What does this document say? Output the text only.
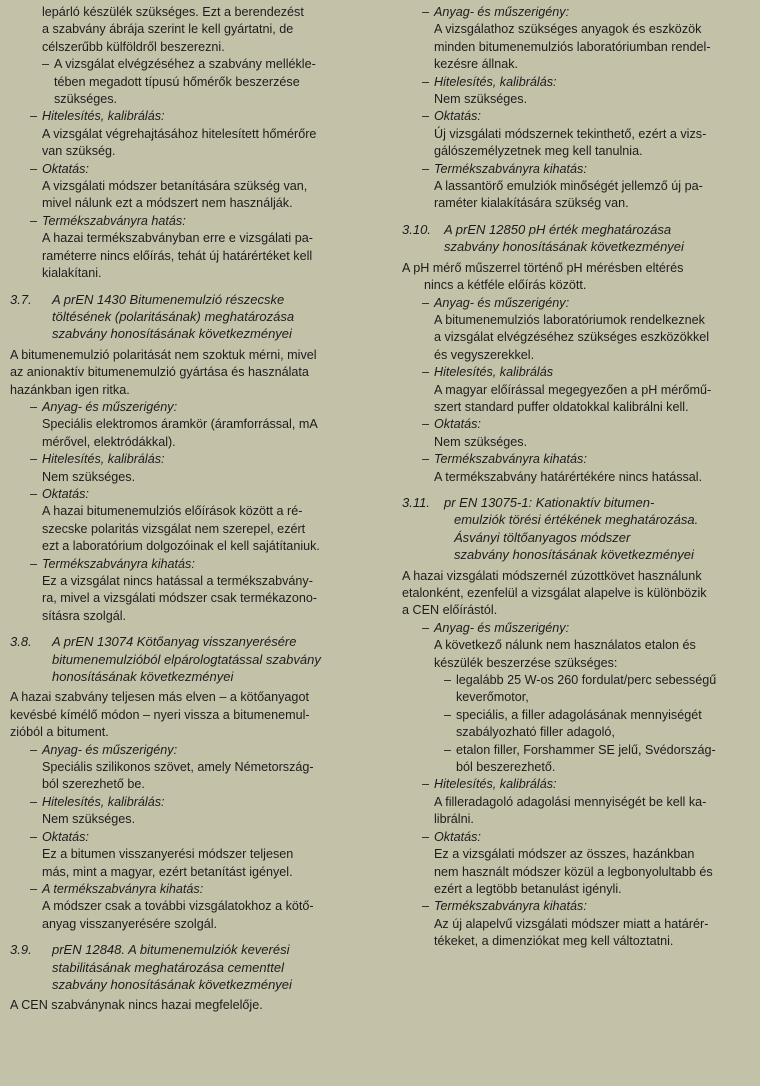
lepárló készülék szükséges. Ezt a berendezést
a szabvány ábrája szerint le kell gyártatni, de
célszerűbb külföldről beszerezni.
– A vizsgálat elvégzéséhez a szabvány mellékle-
tében megadott típusú hőmérők beszerzése
szükséges.

– Hitelesítés, kalibrálás:

A vizsgálat végrehajtásához hitelesített hőmérőre
van szükség.

– Oktatás:

A vizsgálati módszer betanítására szükség van,
mivel nálunk ezt a módszert nem használják.

– Termékszabványra hatás:

A hazai termékszabványban erre e vizsgálati pa-
raméterre nincs előírás, tehát új határértéket kell
kialakítani.
3.7. A prEN 1430 Bitumenemulzió részecske
töltésének (polaritásának) meghatározása
szabvány honosításának következményei
A bitumenemulzió polaritását nem szoktuk mérni, mivel
az anionaktív bitumenemulzió gyártása és használata
hazánkban igen ritka.

– Anyag- és műszerigény:

Speciális elektromos áramkör (áramforrással, mA
mérővel, elektródákkal).

– Hitelesítés, kalibrálás:

Nem szükséges.

– Oktatás:

A hazai bitumenemulziós előírások között a ré-
szecske polaritás vizsgálat nem szerepel, ezért
ezt a laboratórium dolgozóinak el kell sajátítaniuk.

– Termékszabványra kihatás:

Ez a vizsgálat nincs hatással a termékszabvány-
ra, mivel a vizsgálati módszer csak termékazono-
sításra szolgál.
3.8. A prEN 13074 Kötőanyag visszanyerésére
bitumenemulzióból elpárologtatással szabvány
honosításának következményei
A hazai szabvány teljesen más elven – a kötőanyagot
kevésbé kímélő módon – nyeri vissza a bitumenemul-
zióból a bitument.

– Anyag- és műszerigény:

Speciális szilikonos szövet, amely Németország-
ból szerezhető be.

– Hitelesítés, kalibrálás:

Nem szükséges.

– Oktatás:

Ez a bitumen visszanyerési módszer teljesen
más, mint a magyar, ezért betanítást igényel.

– A termékszabványra kihatás:

A módszer csak a további vizsgálatokhoz a kötő-
anyag visszanyerésére szolgál.
3.9. prEN 12848. A bitumenemulziók keverési
stabilitásának meghatározása cementtel
szabvány honosításának következményei
A CEN szabványnak nincs hazai megfelelője.

– Anyag- és műszerigény:

A vizsgálathoz szükséges anyagok és eszközök
minden bitumenemulziós laboratóriumban rendel-
kezésre állnak.

– Hitelesítés, kalibrálás:

Nem szükséges.

– Oktatás:

Új vizsgálati módszernek tekinthető, ezért a vizs-
gálószemélyzetnek meg kell tanulnia.

– Termékszabványra kihatás:

A lassantörő emulziók minőségét jellemző új pa-
raméter kialakítására szükség van.
3.10. A prEN 12850 pH érték meghatározása
szabvány honosításának következményei
A pH mérő műszerrel történő pH mérésben eltérés
nincs a kétféle előírás között.

– Anyag- és műszerigény:

A bitumenemulziós laboratóriumok rendelkeznek
a vizsgálat elvégzéséhez szükséges eszközökkel
és vegyszerekkel.

– Hitelesítés, kalibrálás

A magyar előírással megegyezően a pH mérőmű-
szert standard puffer oldatokkal kalibrálni kell.

– Oktatás:

Nem szükséges.

– Termékszabványra kihatás:

A termékszabvány határértékére nincs hatással.
3.11. pr EN 13075-1: Kationaktív bitumen-
emulziók törési értékének meghatározása.
Ásványi töltőanyagos módszer
szabvány honosításának következményei
A hazai vizsgálati módszernél zúzottkövet használunk
etalonként, ezenfelül a vizsgálat alapelve is különbözik
a CEN előírástól.

– Anyag- és műszerigény:

A következő nálunk nem használatos etalon és
készülék beszerzése szükséges:
– legalább 25 W-os 260 fordulat/perc sebességű
keverőmotor,
– speciális, a filler adagolásának mennyiségét
szabályozható filler adagoló,
– etalon filler, Forshammer SE jelű, Svédország-
ból beszerezhető.

– Hitelesítés, kalibrálás:

A filleradagoló adagolási mennyiségét be kell ka-
librálni.

– Oktatás:

Ez a vizsgálati módszer az összes, hazánkban
nem használt módszer közül a legbonyolultabb és
ezért a legtöbb betanulást igényli.

– Termékszabványra kihatás:

Az új alapelvű vizsgálati módszer miatt a határér-
tékeket, a dimenziókat meg kell változtatni.
